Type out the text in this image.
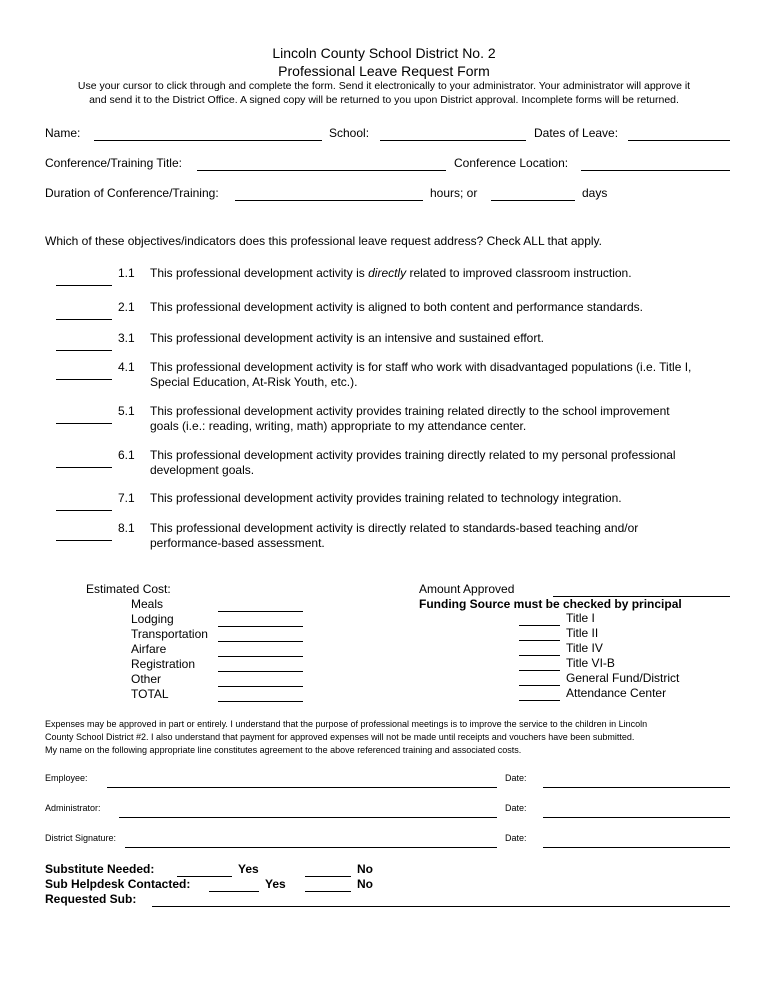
Lincoln County School District No. 2
Professional Leave Request Form
Use your cursor to click through and complete the form. Send it electronically to your administrator. Your administrator will approve it
and send it to the District Office. A signed copy will be returned to you upon District approval. Incomplete forms will be returned.
Name:	School:	Dates of Leave:
Conference/Training Title:	Conference Location:
Duration of Conference/Training:	hours; or	days
Which of these objectives/indicators does this professional leave request address? Check ALL that apply.
1.1 This professional development activity is directly related to improved classroom instruction.
2.1 This professional development activity is aligned to both content and performance standards.
3.1 This professional development activity is an intensive and sustained effort.
4.1 This professional development activity is for staff who work with disadvantaged populations (i.e. Title I,
Special Education, At-Risk Youth, etc.).
5.1 This professional development activity provides training related directly to the school improvement
goals (i.e.: reading, writing, math) appropriate to my attendance center.
6.1 This professional development activity provides training directly related to my personal professional
development goals.
7.1 This professional development activity provides training related to technology integration.
8.1 This professional development activity is directly related to standards-based teaching and/or
performance-based assessment.
Estimated Cost:
Meals
Lodging
Transportation
Airfare
Registration
Other
TOTAL
Amount Approved
Funding Source must be checked by principal
Title I
Title II
Title IV
Title VI-B
General Fund/District
Attendance Center
Expenses may be approved in part or entirely. I understand that the purpose of professional meetings is to improve the service to the children in Lincoln
County School District #2. I also understand that payment for approved expenses will not be made until receipts and vouchers have been submitted.
My name on the following appropriate line constitutes agreement to the above referenced training and associated costs.
Employee:	Date:
Administrator:	Date:
District Signature:	Date:
Substitute Needed:	Yes	No
Sub Helpdesk Contacted:	Yes	No
Requested Sub:
